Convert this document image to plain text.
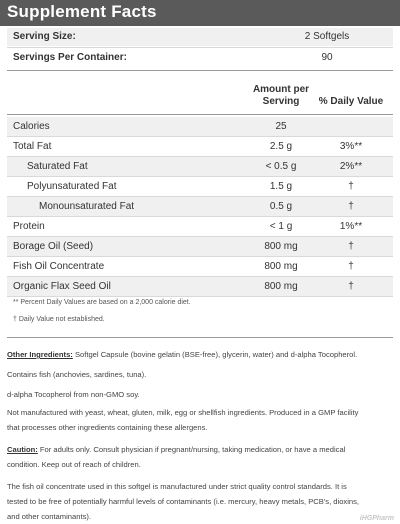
Supplement Facts
Serving Size:	2 Softgels
Servings Per Container:	90
Amount per
Serving	% Daily Value
Calories	25
Total Fat	2.5 g	3%**
Saturated Fat	< 0.5 g	2%**
Polyunsaturated Fat	1.5 g	†
Monounsaturated Fat	0.5 g	†
Protein	< 1 g	1%**
Borage Oil (Seed)	800 mg	†
Fish Oil Concentrate	800 mg	†
Organic Flax Seed Oil	800 mg	†
** Percent Daily Values are based on a 2,000 calorie diet.
† Daily Value not established.
Other Ingredients: Softgel Capsule (bovine gelatin (BSE-free), glycerin, water) and d-alpha Tocopherol.
Contains fish (anchovies, sardines, tuna).
d-alpha Tocopherol from non-GMO soy.
Not manufactured with yeast, wheat, gluten, milk, egg or shellfish ingredients. Produced in a GMP facility
that processes other ingredients containing these allergens.
Caution: For adults only. Consult physician if pregnant/nursing, taking medication, or have a medical
condition. Keep out of reach of children.
The fish oil concentrate used in this softgel is manufactured under strict quality control standards. It is
tested to be free of potentially harmful levels of contaminants (i.e. mercury, heavy metals, PCB's, dioxins,
and other contaminants).	iHGPharm
